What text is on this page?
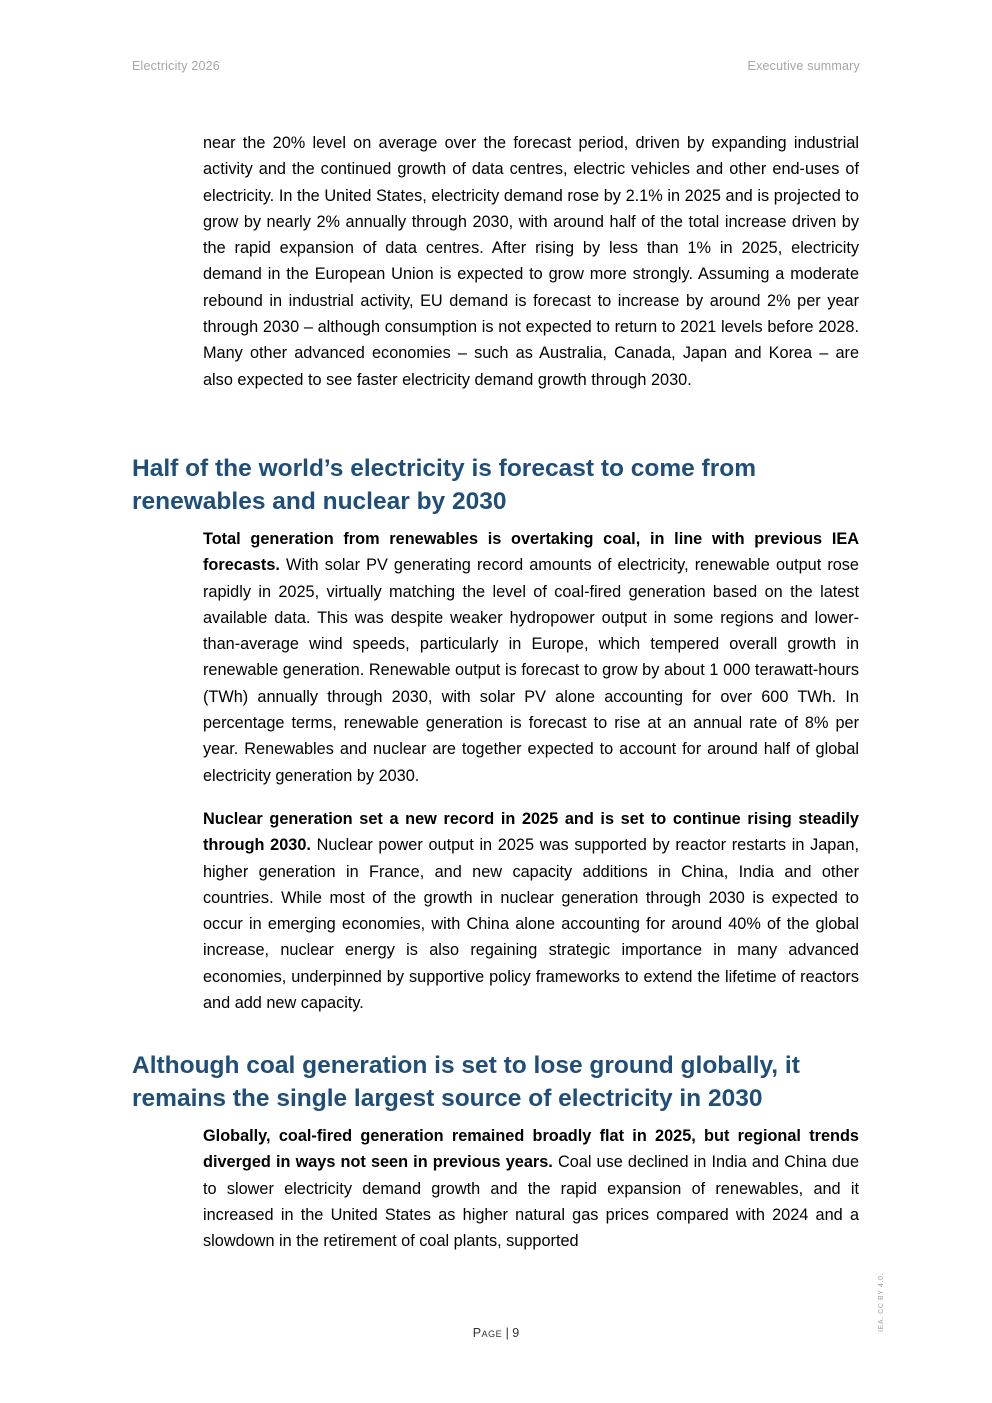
Electricity 2026	Executive summary

near the 20% level on average over the forecast period, driven by expanding industrial activity and the continued growth of data centres, electric vehicles and other end-uses of electricity. In the United States, electricity demand rose by 2.1% in 2025 and is projected to grow by nearly 2% annually through 2030, with around half of the total increase driven by the rapid expansion of data centres. After rising by less than 1% in 2025, electricity demand in the European Union is expected to grow more strongly. Assuming a moderate rebound in industrial activity, EU demand is forecast to increase by around 2% per year through 2030 – although consumption is not expected to return to 2021 levels before 2028. Many other advanced economies – such as Australia, Canada, Japan and Korea – are also expected to see faster electricity demand growth through 2030.

Half of the world’s electricity is forecast to come from renewables and nuclear by 2030

Total generation from renewables is overtaking coal, in line with previous IEA forecasts. With solar PV generating record amounts of electricity, renewable output rose rapidly in 2025, virtually matching the level of coal-fired generation based on the latest available data. This was despite weaker hydropower output in some regions and lower-than-average wind speeds, particularly in Europe, which tempered overall growth in renewable generation. Renewable output is forecast to grow by about 1 000 terawatt-hours (TWh) annually through 2030, with solar PV alone accounting for over 600 TWh. In percentage terms, renewable generation is forecast to rise at an annual rate of 8% per year. Renewables and nuclear are together expected to account for around half of global electricity generation by 2030.

Nuclear generation set a new record in 2025 and is set to continue rising steadily through 2030. Nuclear power output in 2025 was supported by reactor restarts in Japan, higher generation in France, and new capacity additions in China, India and other countries. While most of the growth in nuclear generation through 2030 is expected to occur in emerging economies, with China alone accounting for around 40% of the global increase, nuclear energy is also regaining strategic importance in many advanced economies, underpinned by supportive policy frameworks to extend the lifetime of reactors and add new capacity.

Although coal generation is set to lose ground globally, it remains the single largest source of electricity in 2030

Globally, coal-fired generation remained broadly flat in 2025, but regional trends diverged in ways not seen in previous years. Coal use declined in India and China due to slower electricity demand growth and the rapid expansion of renewables, and it increased in the United States as higher natural gas prices compared with 2024 and a slowdown in the retirement of coal plants, supported

Page | 9
IEA. CC BY 4.0.
